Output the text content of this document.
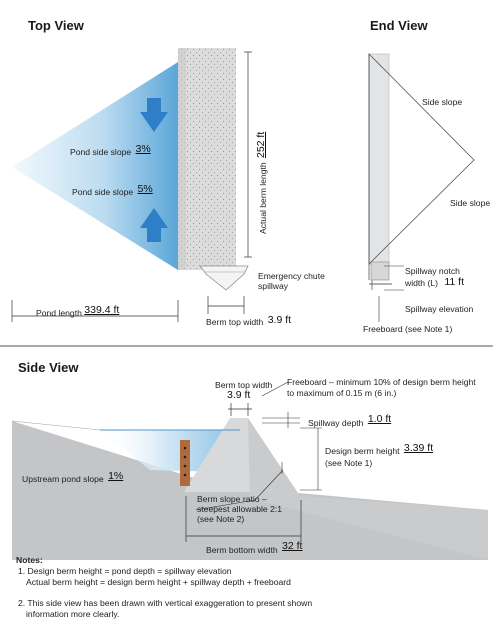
Top View	End View
Side View
Pond side slope 3%
Pond side slope 5%	Actual berm length
252 ft
Emergency chute
spillway
Pond length 339.4 ft
Berm top width 3.9 ft
Side slope
Side slope
Spillway notch
width (L) 11 ft
Spillway elevation
Freeboard (see Note 1)
Berm top width
3.9 ft
Freeboard – minimum 10% of design berm height
to maximum of 0.15 m (6 in.)
Spillway depth 1.0 ft
Design berm height 3.39 ft
(see Note 1)
Upstream pond slope 1%
Berm slope ratio –
steepest allowable 2:1
(see Note 2)
Berm bottom width 32 ft
Notes:
1. Design berm height = pond depth = spillway elevation
Actual berm height = design berm height + spillway depth + freeboard
2. This side view has been drawn with vertical exaggeration to present shown
information more clearly.
